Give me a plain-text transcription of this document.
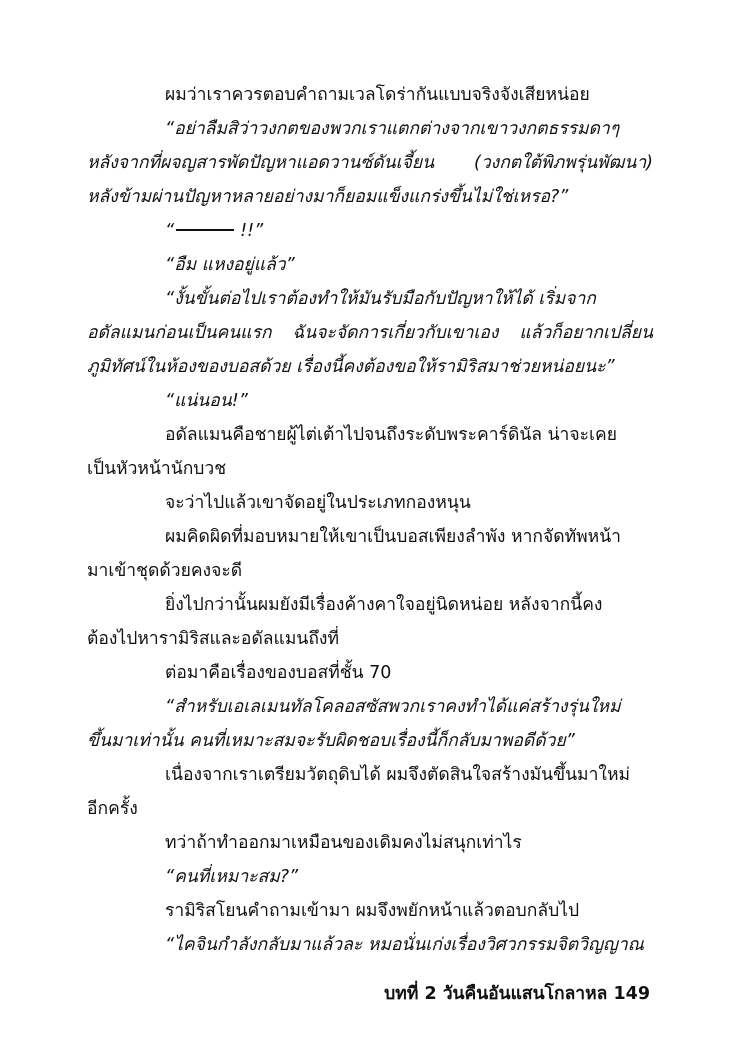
ผมว่าเราควรตอบคำถามเวลโดร่ากันแบบจริงจังเสียหน่อย
“อย่าลืมสิว่าวงกตของพวกเราแตกต่างจากเขาวงกตธรรมดาๆ
หลังจากที่ผจญสารพัดปัญหาแอดวานซ์ดันเจี้ยน (วงกตใต้พิภพรุ่นพัฒนา)
หลังข้ามผ่านปัญหาหลายอย่างมาก็ยอมแข็งแกร่งขึ้นไม่ใช่เหรอ?”
“	!!”
“อืม แหงอยู่แล้ว”
“งั้นขั้นต่อไปเราต้องทำให้มันรับมือกับปัญหาให้ได้ เริ่มจาก
อดัลแมนก่อนเป็นคนแรก ฉันจะจัดการเกี่ยวกับเขาเอง แล้วก็อยากเปลี่ยน
ภูมิทัศน์ในห้องของบอสด้วย เรื่องนี้คงต้องขอให้รามิริสมาช่วยหน่อยนะ”
“แน่นอน!”
อดัลแมนคือชายผู้ไต่เต้าไปจนถึงระดับพระคาร์ดินัล น่าจะเคย
เป็นหัวหน้านักบวช
จะว่าไปแล้วเขาจัดอยู่ในประเภทกองหนุน
ผมคิดผิดที่มอบหมายให้เขาเป็นบอสเพียงลำพัง หากจัดทัพหน้า
มาเข้าชุดด้วยคงจะดี
ยิ่งไปกว่านั้นผมยังมีเรื่องค้างคาใจอยู่นิดหน่อย หลังจากนี้คง
ต้องไปหารามิริสและอดัลแมนถึงที่
ต่อมาคือเรื่องของบอสที่ชั้น 70
“สำหรับเอเลเมนทัลโคลอสซัสพวกเราคงทำได้แค่สร้างรุ่นใหม่
ขึ้นมาเท่านั้น คนที่เหมาะสมจะรับผิดชอบเรื่องนี้ก็กลับมาพอดีด้วย”
เนื่องจากเราเตรียมวัตถุดิบได้ ผมจึงตัดสินใจสร้างมันขึ้นมาใหม่
อีกครั้ง
ทว่าถ้าทำออกมาเหมือนของเดิมคงไม่สนุกเท่าไร
“คนที่เหมาะสม?”
รามิริสโยนคำถามเข้ามา ผมจึงพยักหน้าแล้วตอบกลับไป
“ไคจินกำลังกลับมาแล้วละ หมอนั่นเก่งเรื่องวิศวกรรมจิตวิญญาณ
บทที่ 2 วันคืนอันแสนโกลาหล 149
